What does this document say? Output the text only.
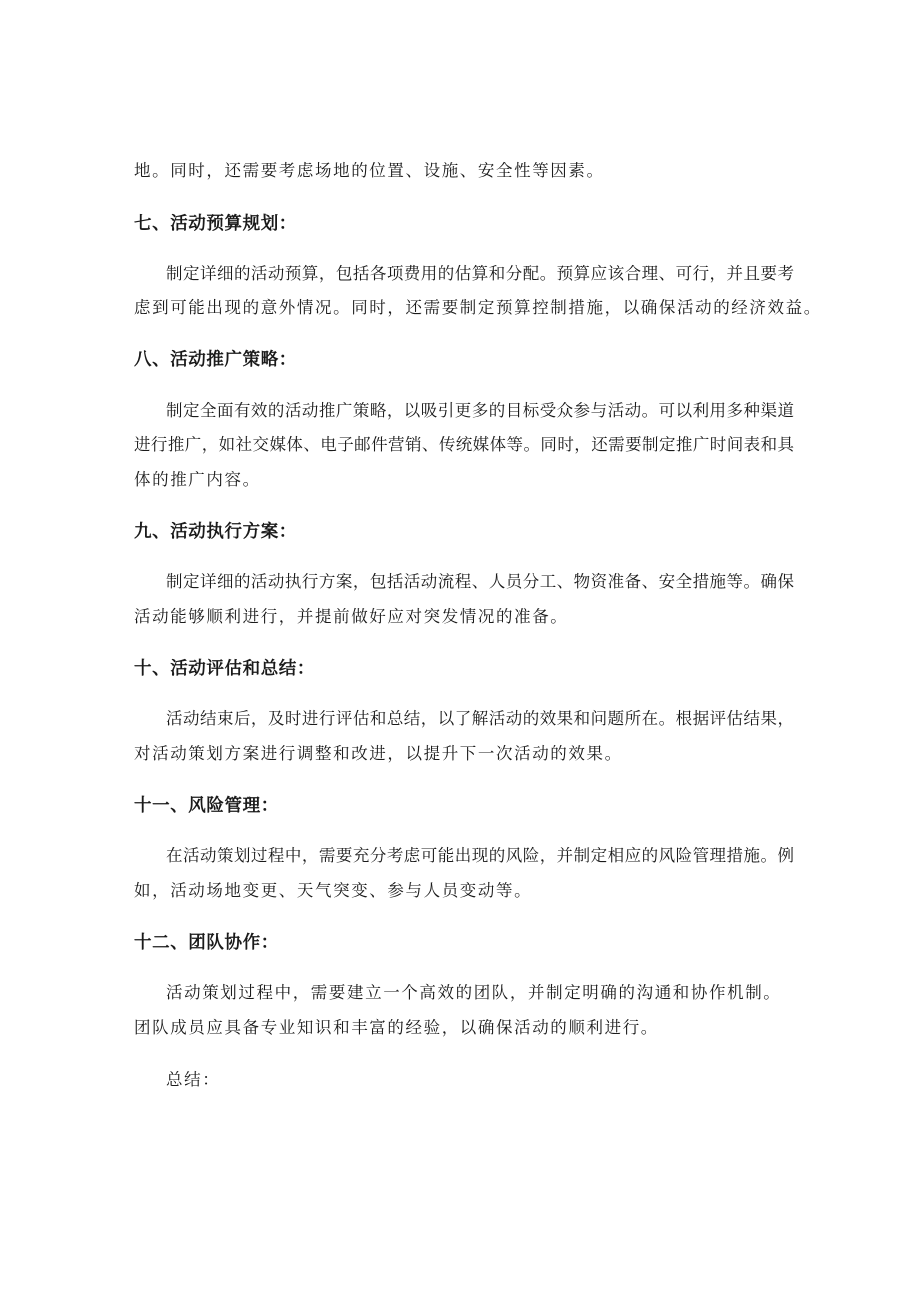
地。同时，还需要考虑场地的位置、设施、安全性等因素。
七、活动预算规划：
制定详细的活动预算，包括各项费用的估算和分配。预算应该合理、可行，并且要考
虑到可能出现的意外情况。同时，还需要制定预算控制措施，以确保活动的经济效益。
八、活动推广策略：
制定全面有效的活动推广策略，以吸引更多的目标受众参与活动。可以利用多种渠道
进行推广，如社交媒体、电子邮件营销、传统媒体等。同时，还需要制定推广时间表和具
体的推广内容。
九、活动执行方案：
制定详细的活动执行方案，包括活动流程、人员分工、物资准备、安全措施等。确保
活动能够顺利进行，并提前做好应对突发情况的准备。
十、活动评估和总结：
活动结束后，及时进行评估和总结，以了解活动的效果和问题所在。根据评估结果，
对活动策划方案进行调整和改进，以提升下一次活动的效果。
十一、风险管理：
在活动策划过程中，需要充分考虑可能出现的风险，并制定相应的风险管理措施。例
如，活动场地变更、天气突变、参与人员变动等。
十二、团队协作：
活动策划过程中，需要建立一个高效的团队，并制定明确的沟通和协作机制。
团队成员应具备专业知识和丰富的经验，以确保活动的顺利进行。
总结：
